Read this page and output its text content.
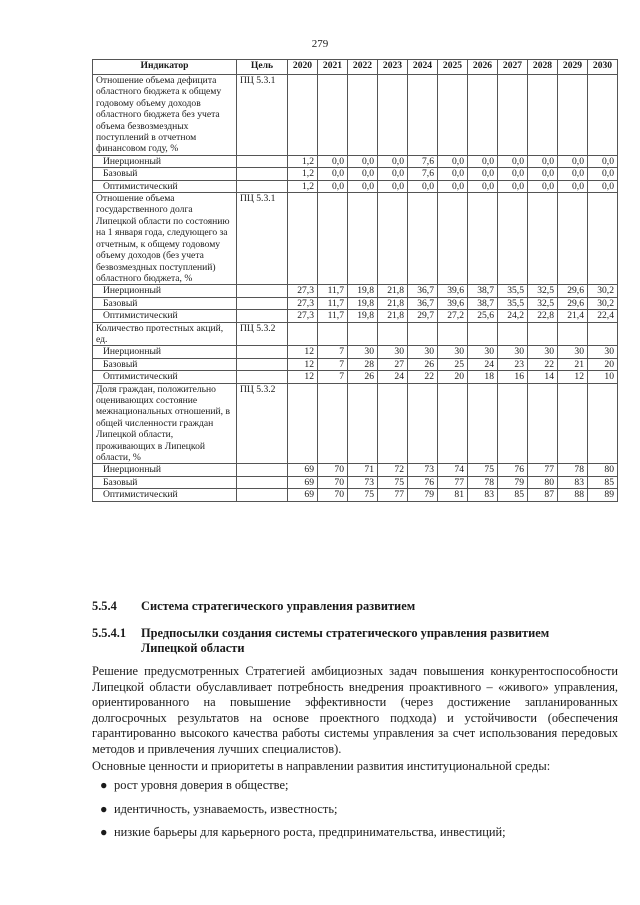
279
Индикатор	Цель	2020	2021	2022	2023	2024	2025	2026	2027	2028	2029	2030
Отношение объема дефицита областного бюджета к общему годовому объему доходов областного бюджета без учета объема безвозмездных поступлений в отчетном финансовом году, %	ПЦ 5.3.1											
Инерционный		1,2	0,0	0,0	0,0	7,6	0,0	0,0	0,0	0,0	0,0	0,0
Базовый		1,2	0,0	0,0	0,0	7,6	0,0	0,0	0,0	0,0	0,0	0,0
Оптимистический		1,2	0,0	0,0	0,0	0,0	0,0	0,0	0,0	0,0	0,0	0,0
Отношение объема государственного долга Липецкой области по состоянию на 1 января года, следующего за отчетным, к общему годовому объему доходов (без учета безвозмездных поступлений) областного бюджета, %	ПЦ 5.3.1											
Инерционный		27,3	11,7	19,8	21,8	36,7	39,6	38,7	35,5	32,5	29,6	30,2
Базовый		27,3	11,7	19,8	21,8	36,7	39,6	38,7	35,5	32,5	29,6	30,2
Оптимистический		27,3	11,7	19,8	21,8	29,7	27,2	25,6	24,2	22,8	21,4	22,4
Количество протестных акций, ед.	ПЦ 5.3.2											
Инерционный		12	7	30	30	30	30	30	30	30	30	30
Базовый		12	7	28	27	26	25	24	23	22	21	20
Оптимистический		12	7	26	24	22	20	18	16	14	12	10
Доля граждан, положительно оценивающих состояние межнациональных отношений, в общей численности граждан Липецкой области, проживающих в Липецкой области, %	ПЦ 5.3.2											
Инерционный		69	70	71	72	73	74	75	76	77	78	80
Базовый		69	70	73	75	76	77	78	79	80	83	85
Оптимистический		69	70	75	77	79	81	83	85	87	88	89
5.5.4 Система стратегического управления развитием
5.5.4.1 Предпосылки создания системы стратегического управления развитием Липецкой области
Решение предусмотренных Стратегией амбициозных задач повышения конкурентоспособности Липецкой области обуславливает потребность внедрения проактивного – «живого» управления, ориентированного на повышение эффективности (через достижение запланированных долгосрочных результатов на основе проектного подхода) и устойчивости (обеспечения гарантированно высокого качества работы системы управления за счет использования передовых методов и привлечения лучших специалистов).
Основные ценности и приоритеты в направлении развития институциональной среды:
● рост уровня доверия в обществе;
● идентичность, узнаваемость, известность;
● низкие барьеры для карьерного роста, предпринимательства, инвестиций;
